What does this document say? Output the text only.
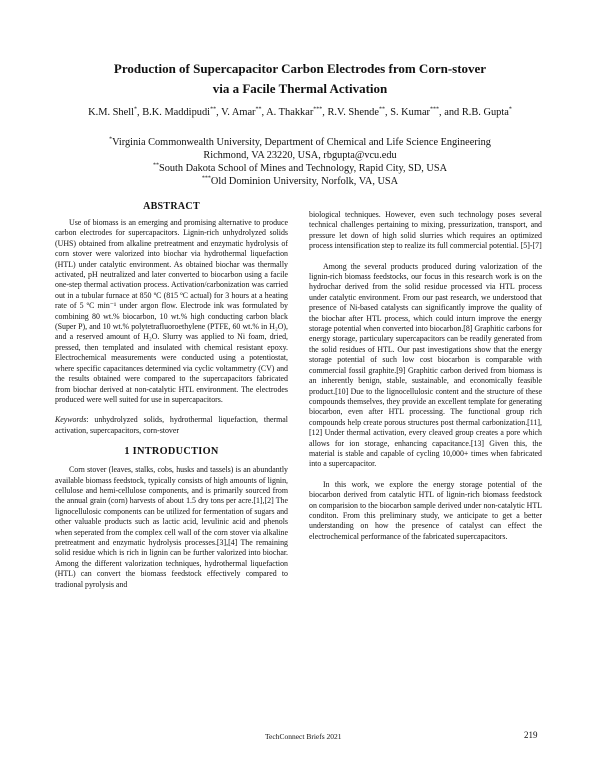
Production of Supercapacitor Carbon Electrodes from Corn-stover
via a Facile Thermal Activation
K.M. Shell*, B.K. Maddipudi**, V. Amar**, A. Thakkar***, R.V. Shende**, S. Kumar***, and R.B. Gupta*
*Virginia Commonwealth University, Department of Chemical and Life Science Engineering
Richmond, VA 23220, USA, rbgupta@vcu.edu
**South Dakota School of Mines and Technology, Rapid City, SD, USA
***Old Dominion University, Norfolk, VA, USA
ABSTRACT

Use of biomass is an emerging and promising alternative to produce carbon electrodes for supercapacitors. Lignin-rich unhydrolyzed solids (UHS) obtained from alkaline pretreatment and enzymatic hydrolysis of corn stover were valorized into biochar via hydrothermal liquefaction (HTL) under catalytic environment. As obtained biochar was thermally activated, pH neutralized and later converted to biocarbon using a facile one-step thermal activation process. Activation/carbonization was carried out in a tubular furnace at 850 ºC (815 ºC actual) for 3 hours at a heating rate of 5 ºC min⁻¹ under argon flow. Electrode ink was formulated by combining 80 wt.% biocarbon, 10 wt.% high conducting carbon black (Super P), and 10 wt.% polytetrafluoroethylene (PTFE, 60 wt.% in H₂O), and a reserved amount of H₂O. Slurry was applied to Ni foam, dried, pressed, then templated and insulated with chemical resistant epoxy. Electrochemical measurements were conducted using a potentiostat, where specific capacitances determined via cyclic voltammetry (CV) and the results obtained were compared to the supercapacitors fabricated from biochar derived at non-catalytic HTL environment. The electrodes produced were well suited for use in supercapacitors.

Keywords: unhydrolyzed solids, hydrothermal liquefaction, thermal activation, supercapacitors, corn-stover
1 INTRODUCTION

Corn stover (leaves, stalks, cobs, husks and tassels) is an abundantly available biomass feedstock, typically consists of high amounts of lignin, cellulose and hemi-cellulose components, and is primarily sourced from the annual grain (corn) harvests of about 1.5 dry tons per acre.[1],[2] The lignocellulosic components can be utilized for fermentation of sugars and other valuable products such as lactic acid, levulinic acid and phenols when seperated from the complex cell wall of the corn stover via alkaline pretreatment and enzymatic hydrolysis processes.[3],[4] The remaining solid residue which is rich in lignin can be further valorized into biochar. Among the different valorization techniques, hydrothermal liquefaction (HTL) can convert the biomass feedstock effectively compared to tradional pyrolysis and

biological techniques. However, even such technology poses several technical challenges pertaining to mixing, pressurization, transport, and pressure let down of high solid slurries which requires an optimized process intensification step to realize its full commercial potential. [5]-[7]

Among the several products produced during valorization of the lignin-rich biomass feedstocks, our focus in this research work is on the hydrochar derived from the solid residue processed via HTL process under catalytic environment. From our past research, we understood that presence of Ni-based catalysts can significantly improve the quality of the biochar after HTL process, which could inturn improve the energy storage potential when converted into biocarbon.[8] Graphitic carbons for energy storage, particulary supercapacitors can be readily generated from the solid residues of HTL. Our past investigations show that the energy storage potential of such low cost biocarbon is comparable with commercial fossil graphite.[9] Graphitic carbon derived from biomass is an inherently benign, stable, sustainable, and economically feasible product.[10] Due to the lignocellulosic content and the structure of these compounds themselves, they provide an excellent template for generating biocarbon, even after HTL processing. The functional group rich compounds help create porous structures post thermal carbonization.[11],[12] Under thermal activation, every cleaved group creates a pore which allows for ion storage, enhancing capacitance.[13] Given this, the material is stable and capable of cycling 10,000+ times when fabricated into a supercapacitor.

In this work, we explore the energy storage potential of the biocarbon derived from catalytic HTL of lignin-rich biomass feedstock on comparision to the biocarbon sample derived under non-catalytic HTL conditon. From this preliminary study, we anticipate to get a better understanding on how the presence of catalyst can effect the electrochemical performance of the fabricated supercapacitors.

TechConnect Briefs 2021	219
